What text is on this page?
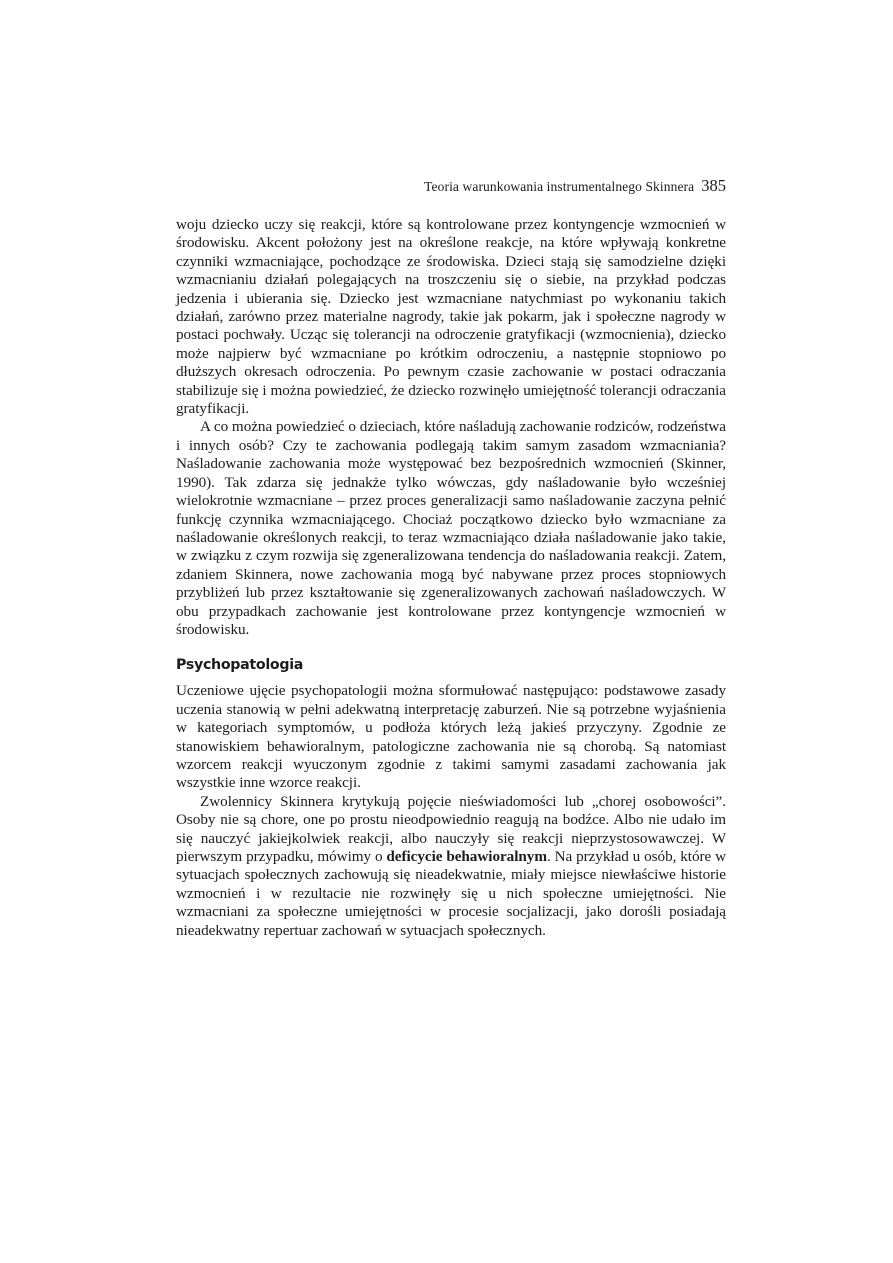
Teoria warunkowania instrumentalnego Skinnera 385

woju dziecko uczy się reakcji, które są kontrolowane przez kontyngencje wzmocnień w środowisku. Akcent położony jest na określone reakcje, na które wpływają konkretne czynniki wzmacniające, pochodzące ze środowiska. Dzieci stają się samodzielne dzięki wzmacnianiu działań polegających na troszczeniu się o siebie, na przykład podczas jedzenia i ubierania się. Dziecko jest wzmacniane natychmiast po wykonaniu takich działań, zarówno przez materialne nagrody, takie jak pokarm, jak i społeczne nagrody w postaci pochwały. Ucząc się tolerancji na odroczenie gratyfikacji (wzmocnienia), dziecko może najpierw być wzmacniane po krótkim odroczeniu, a następnie stopniowo po dłuższych okresach odroczenia. Po pewnym czasie zachowanie w postaci odraczania stabilizuje się i można powiedzieć, że dziecko rozwinęło umiejętność tolerancji odraczania gratyfikacji.

A co można powiedzieć o dzieciach, które naśladują zachowanie rodziców, rodzeństwa i innych osób? Czy te zachowania podlegają takim samym zasadom wzmacniania? Naśladowanie zachowania może występować bez bezpośrednich wzmocnień (Skinner, 1990). Tak zdarza się jednakże tylko wówczas, gdy naśladowanie było wcześniej wielokrotnie wzmacniane – przez proces generalizacji samo naśladowanie zaczyna pełnić funkcję czynnika wzmacniającego. Chociaż początkowo dziecko było wzmacniane za naśladowanie określonych reakcji, to teraz wzmacniająco działa naśladowanie jako takie, w związku z czym rozwija się zgeneralizowana tendencja do naśladowania reakcji. Zatem, zdaniem Skinnera, nowe zachowania mogą być nabywane przez proces stopniowych przybliżeń lub przez kształtowanie się zgeneralizowanych zachowań naśladowczych. W obu przypadkach zachowanie jest kontrolowane przez kontyngencje wzmocnień w środowisku.

Psychopatologia

Uczeniowe ujęcie psychopatologii można sformułować następująco: podstawowe zasady uczenia stanowią w pełni adekwatną interpretację zaburzeń. Nie są potrzebne wyjaśnienia w kategoriach symptomów, u podłoża których leżą jakieś przyczyny. Zgodnie ze stanowiskiem behawioralnym, patologiczne zachowania nie są chorobą. Są natomiast wzorcem reakcji wyuczonym zgodnie z takimi samymi zasadami zachowania jak wszystkie inne wzorce reakcji.

Zwolennicy Skinnera krytykują pojęcie nieświadomości lub „chorej osobowości”. Osoby nie są chore, one po prostu nieodpowiednio reagują na bodźce. Albo nie udało im się nauczyć jakiejkolwiek reakcji, albo nauczyły się reakcji nieprzystosowawczej. W pierwszym przypadku, mówimy o deficycie behawioralnym. Na przykład u osób, które w sytuacjach społecznych zachowują się nieadekwatnie, miały miejsce niewłaściwe historie wzmocnień i w rezultacie nie rozwinęły się u nich społeczne umiejętności. Nie wzmacniani za społeczne umiejętności w procesie socjalizacji, jako dorośli posiadają nieadekwatny repertuar zachowań w sytuacjach społecznych.
